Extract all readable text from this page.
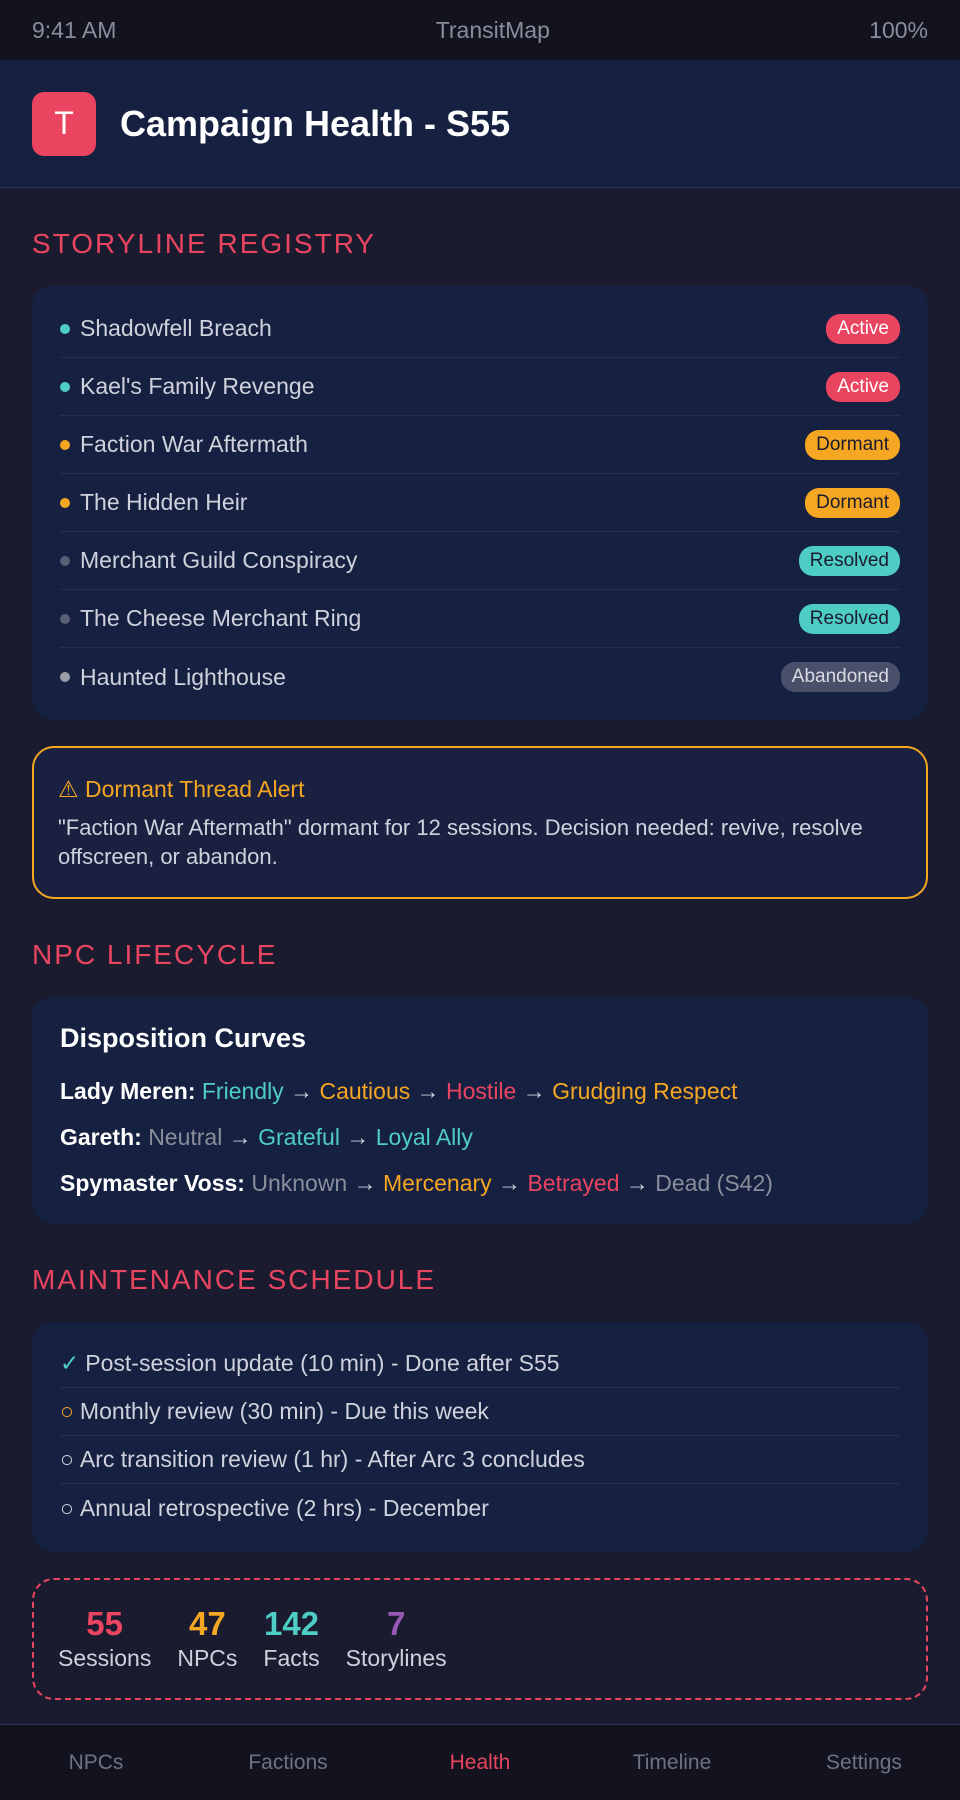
9:41 AM	TransitMap	100%
T	Campaign Health - S55
STORYLINE REGISTRY
Shadowfell Breach	Active
Kael's Family Revenge	Active
Faction War Aftermath	Dormant
The Hidden Heir	Dormant
Merchant Guild Conspiracy	Resolved
The Cheese Merchant Ring	Resolved
Haunted Lighthouse	Abandoned
⚠ Dormant Thread Alert
"Faction War Aftermath" dormant for 12 sessions. Decision needed: revive, resolve offscreen, or abandon.
NPC LIFECYCLE
Disposition Curves
Lady Meren: Friendly → Cautious → Hostile → Grudging Respect
Gareth: Neutral → Grateful → Loyal Ally
Spymaster Voss: Unknown → Mercenary → Betrayed → Dead (S42)
MAINTENANCE SCHEDULE
✓ Post-session update (10 min) - Done after S55
○ Monthly review (30 min) - Due this week
○ Arc transition review (1 hr) - After Arc 3 concludes
○ Annual retrospective (2 hrs) - December
55
Sessions
47
NPCs
142
Facts
7
Storylines
NPCs	Factions	Health	Timeline	Settings
